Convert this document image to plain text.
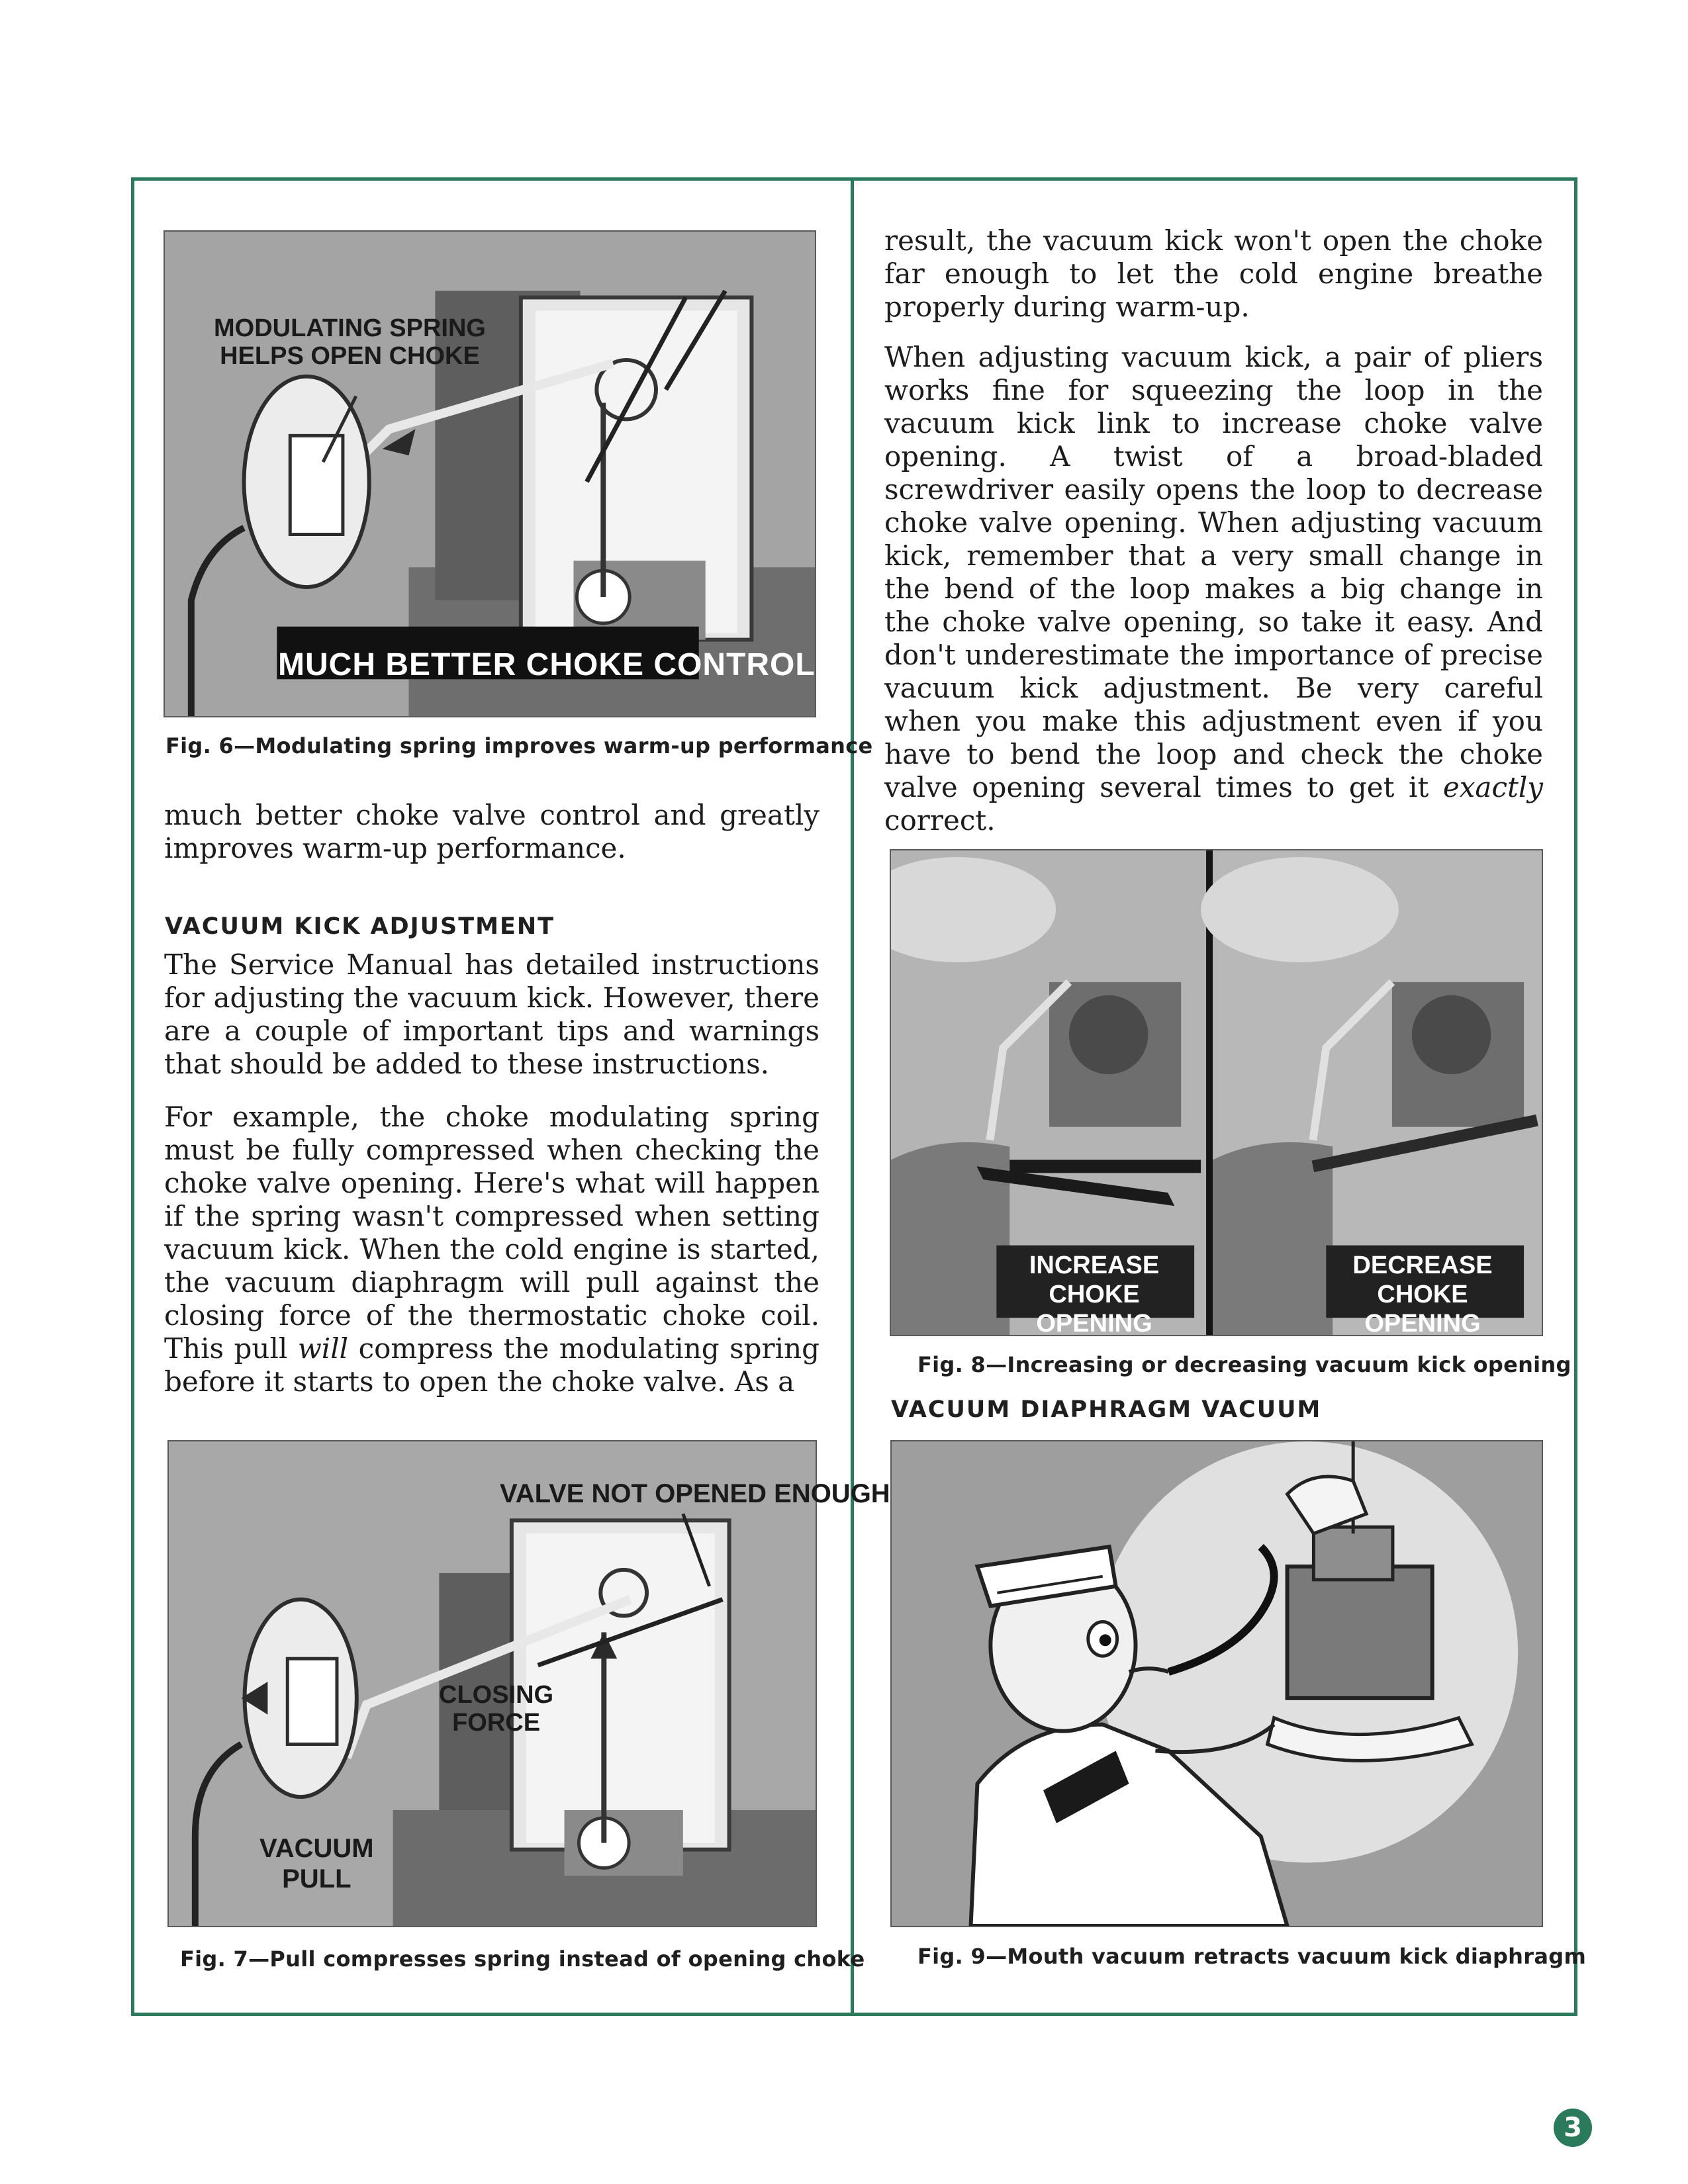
MODULATING SPRING
HELPS OPEN CHOKE
MUCH BETTER CHOKE CONTROL
Fig. 6—Modulating spring improves warm-up performance
much better choke valve control and greatly improves warm-up performance.
VACUUM KICK ADJUSTMENT
The Service Manual has detailed instructions for adjusting the vacuum kick. However, there are a couple of important tips and warnings that should be added to these instructions.
For example, the choke modulating spring must be fully compressed when checking the choke valve opening. Here's what will happen if the spring wasn't compressed when setting vacuum kick. When the cold engine is started, the vacuum diaphragm will pull against the closing force of the thermostatic choke coil. This pull will compress the modulating spring before it starts to open the choke valve. As a
VALVE NOT OPENED ENOUGH
CLOSING
FORCE
VACUUM
PULL
Fig. 7—Pull compresses spring instead of opening choke
result, the vacuum kick won't open the choke far enough to let the cold engine breathe properly during warm-up.
When adjusting vacuum kick, a pair of pliers works fine for squeezing the loop in the vacuum kick link to increase choke valve opening. A twist of a broad-bladed screwdriver easily opens the loop to decrease choke valve opening. When adjusting vacuum kick, remember that a very small change in the bend of the loop makes a big change in the choke valve opening, so take it easy. And don't underestimate the importance of precise vacuum kick adjustment. Be very careful when you make this adjustment even if you have to bend the loop and check the choke valve opening several times to get it exactly correct.
INCREASE
CHOKE OPENING
DECREASE
CHOKE OPENING
Fig. 8—Increasing or decreasing vacuum kick opening
VACUUM DIAPHRAGM VACUUM
Fig. 9—Mouth vacuum retracts vacuum kick diaphragm
3
